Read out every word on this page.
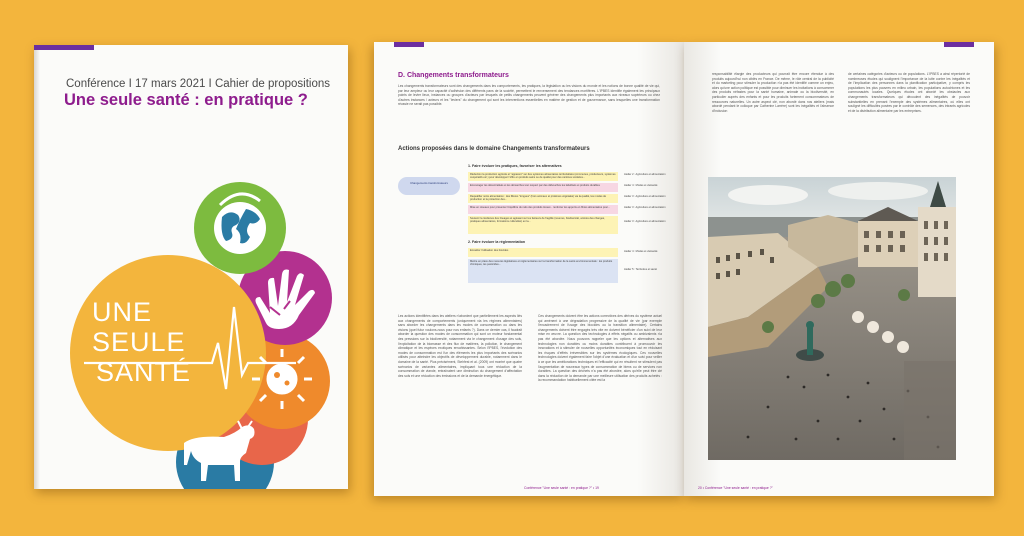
Conférence I 17 mars 2021 I Cahier de propositions
Une seule santé : en pratique ?
UNE
SEULE
SANTÉ
D. Changements transformateurs
Les changements transformateurs sont des changements dans les comportements, les pratiques, la législation ou les visions du monde et les notions de bonne qualité de vie qui, par leur ampleur ou leur capacité d'adhésion des différents pans de la société, permettent le renversement des tendances mortifères. L'IPBES identifie également les principaux points de levier lieux, instances ou groupes d'acteurs par lesquels de petits changements peuvent générer des changements plus importants aux niveaux supérieurs ou chez d'autres instances / acteurs et les "leviers" du changement qui sont les interventions essentielles en matière de gestion et de gouvernance, sans lesquelles une transformation réussie ne serait pas possible.
Actions proposées dans le domaine Changements transformateurs
1. Faire évoluer les pratiques, favoriser les alternatives
Changements transformateurs
Réduction la production agricole et "apparent" sur des systèmes alimentaires territorialisés (communes, producteurs, systèmes coopératifs etc.) pour développer l'offre en produits sains ou de qualité pour des cantines scolaires...
Encourager les décentralisés et les démarches tout respect par des débouchés les labellisés et produits durables
Requalifier notre alimentation : des filières "longues" (hors animaux et protéines végétales) via la qualité, les modes de production et la protection des...
Mise en réseaux pour présenter l'équilibre du ratio des produits locaux - renforcer les apports en fibres alimentaires pour...
Soutenir la résilience des lineages et agissant sur les facteurs de fragilité (revenus, biodiversité, animés des changes, pratiques alimentaires, formations culturelles) en la...
Atelier 2 : Agriculture et alimentation
Atelier 4 : Modes et vie/santé
Atelier 3 : Agriculture et alimentation
Atelier 3 : Agriculture et alimentation
Atelier 3 : Agriculture et alimentation
2. Faire évoluer la réglementation
Encadrer l'utilisation des biocides
Mettre en place des mesures législatives et réglementaires sur la transformation de la santé environnementale : les produits chimiques, les pesticides...
Atelier 4 : Modes et vie/santé
Atelier 5 : Territoires et santé
Les actions identifiées dans les ateliers n'abordent que partiellement les aspects liés aux changements de comportements (uniquement via les régimes alimentaires) sans aborder les changements dans les modes de consommation ou dans les visions (quel futur voulons-nous pour nos enfants ?). Dans ce dernier cas, il faudrait aborder la question des modes de consommation qui sont un moteur fondamental des pressions sur la biodiversité, notamment via le changement d'usage des sols, l'exploitation de la biomasse et des flux de matières, la pollution, le changement climatique et les espèces exotiques envahissantes. Selon l'IPBES, l'évolution des modes de consommation est l'un des éléments les plus importants des scénarios utilisés pour atteindre les objectifs de développement durable, notamment dans le domaine de la santé. Plus précisément, Stehfest et al. (2009) ont montré que quatre scénarios de variantes alimentaires, impliquant tous une réduction de la consommation de viande, entraînaient une diminution du changement d'affectation des sols et une réduction des émissions et de la demande énergétique.
Ces changements doivent être les actions correctives des dérives du système actuel qui amènent à une dégradation progressive de la qualité de vie (par exemple l'encadrement de l'usage des biocides ou la transition alimentaire). Certains changements doivent être engagés très vite en doivent bénéficier d'un suivi de leur mise en œuvre. La question des technologies à effets négatifs ou ambivalents n'a pas été abordée. Nous pouvons rappeler que les options et alternatives aux technologies non durables ou moins durables contribuent à promouvoir les innovations et à stimuler de nouvelles opportunités économiques tout en réduisant les risques d'effets irréversibles sur les systèmes écologiques. Ces nouvelles technologies doivent également faire l'objet d'une évaluation et d'un suivi pour veiller à ce que les améliorations techniques et l'efficacité qui en résultent ne stimulent pas l'augmentation de nouveaux types de consommation de biens ou de services non durables. La question des déchets n'a pas été abordée, alors qu'elle peut être clé dans la réduction de la demande par une meilleure utilisation des produits achetés : la recommandation habituellement citée est la
Conférence "Une seule santé : en pratique ?" • 19
responsabilité élargie des producteurs qui pourrait être encore étendue à des produits aujourd'hui non ciblés en France. De même, le rôle central de la publicité et du marketing pour stimuler la production n'a pas été identifié comme un enjeu, alors qu'une action politique est possible pour diminuer les incitations à consommer des produits néfastes pour la santé humaine, animale ou la biodiversité, en particulier auprès des enfants et pour les produits fortement consommateurs de ressources naturelles. Un autre aspect clé, non abordé dans nos ateliers (mais abordé pendant le colloque par Catherine Larrère) sont les inégalités et l'absence d'inclusion
de certaines catégories d'acteurs ou de populations. L'IPBES a ainsi répertorié de nombreuses études qui soulignent l'importance de la lutte contre les inégalités et de l'implication des personnes dans la planification participative, y compris les populations les plus pauvres en milieu urbain, les populations autochtones et les communautés locales. Quelques études ont abordé les obstacles aux changements transformateurs qui découlent des inégalités de pouvoir substantielles en prenant l'exemple des systèmes alimentaires, où elles ont souligné les difficultés posées par le contrôle des semences, des intrants agricoles et de la distribution alimentaire par les entreprises.
20 • Conférence "Une seule santé : en pratique ?"
